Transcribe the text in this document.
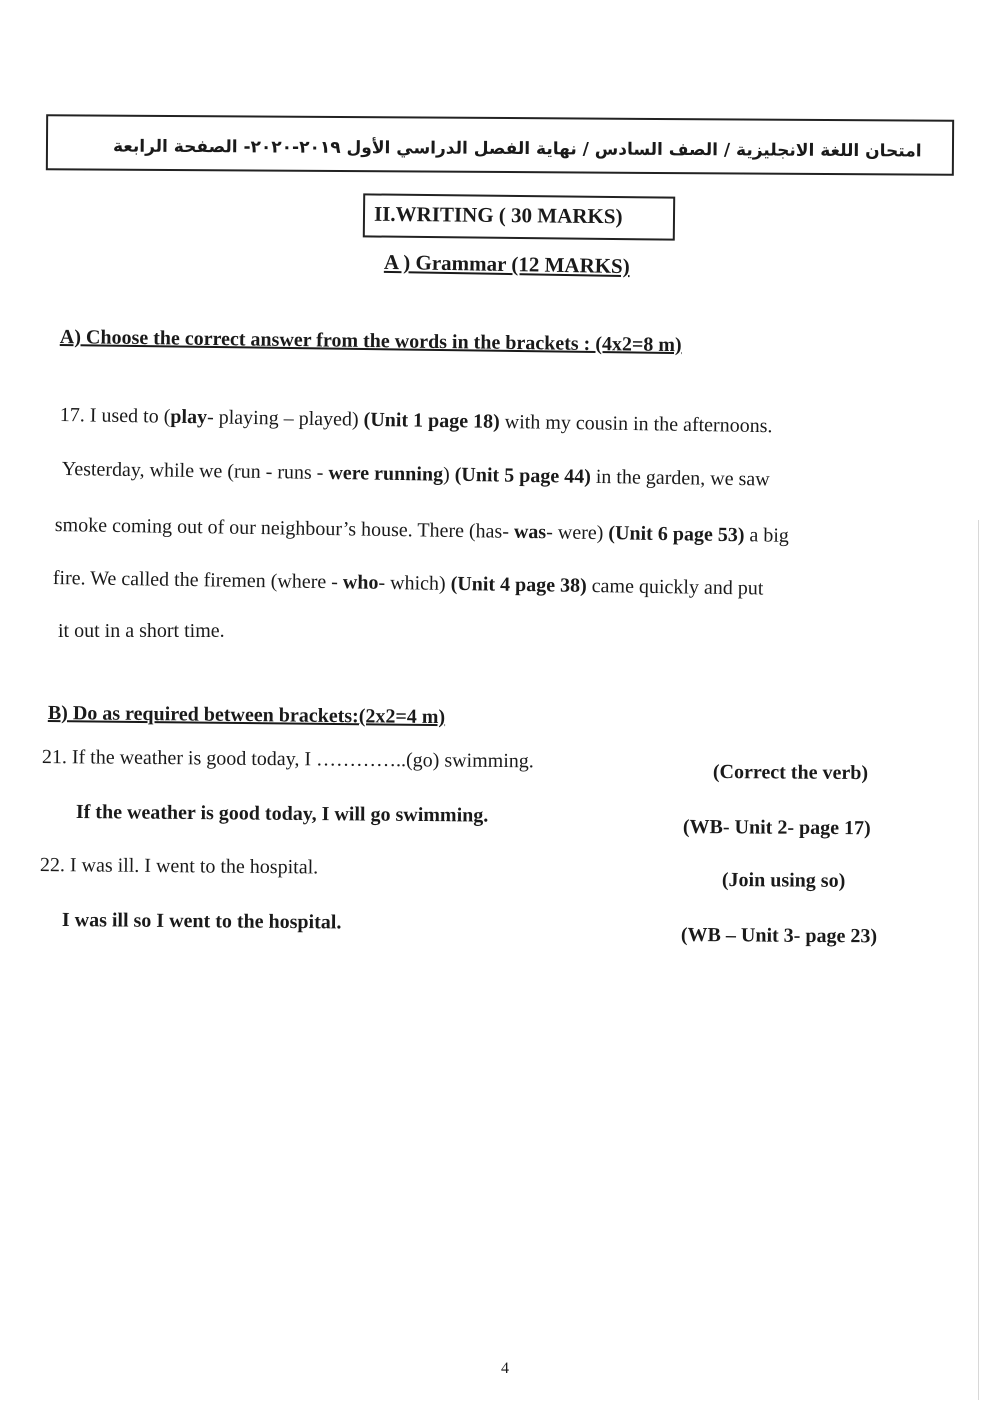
امتحان اللغة الانجليزية / الصف السادس / نهاية الفصل الدراسي الأول ٢٠١٩-٢٠٢٠- الصفحة الرابعة
II.WRITING ( 30 MARKS)
A ) Grammar (12 MARKS)
A) Choose the correct answer from the words in the brackets : (4x2=8 m)
17. I used to (play- playing – played) (Unit 1 page 18) with my cousin in the afternoons.
Yesterday, while we (run - runs - were running) (Unit 5 page 44) in the garden, we saw
smoke coming out of our neighbour’s house. There (has- was- were) (Unit 6 page 53) a big
fire. We called the firemen (where - who- which) (Unit 4 page 38) came quickly and put
it out in a short time.
B) Do as required between brackets:(2x2=4 m)
21. If the weather is good today, I …………..(go) swimming.
(Correct the verb)
If the weather is good today, I will go swimming.
(WB- Unit 2- page 17)
22. I was ill. I went to the hospital.
(Join using so)
I was ill so I went to the hospital.
(WB – Unit 3- page 23)
4
